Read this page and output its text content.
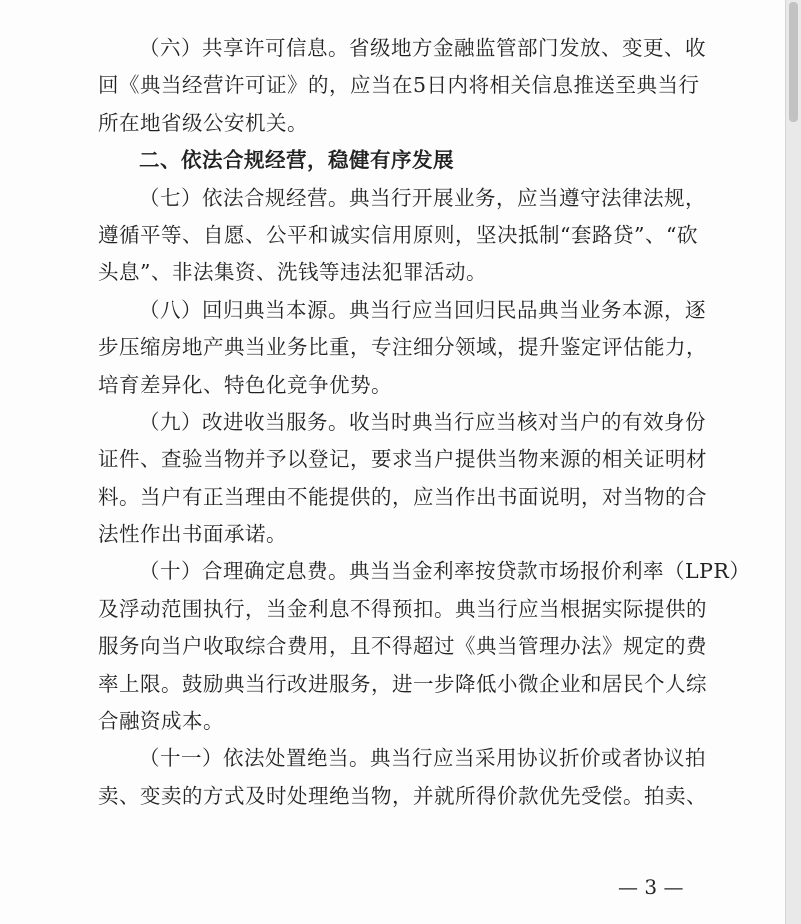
（六）共享许可信息。省级地方金融监管部门发放、变更、收
回《典当经营许可证》的，应当在5日内将相关信息推送至典当行
所在地省级公安机关。
二、依法合规经营，稳健有序发展
（七）依法合规经营。典当行开展业务，应当遵守法律法规，
遵循平等、自愿、公平和诚实信用原则，坚决抵制“套路贷”、“砍
头息”、非法集资、洗钱等违法犯罪活动。
（八）回归典当本源。典当行应当回归民品典当业务本源，逐
步压缩房地产典当业务比重，专注细分领域，提升鉴定评估能力，
培育差异化、特色化竞争优势。
（九）改进收当服务。收当时典当行应当核对当户的有效身份
证件、查验当物并予以登记，要求当户提供当物来源的相关证明材
料。当户有正当理由不能提供的，应当作出书面说明，对当物的合
法性作出书面承诺。
（十）合理确定息费。典当当金利率按贷款市场报价利率（LPR）
及浮动范围执行，当金利息不得预扣。典当行应当根据实际提供的
服务向当户收取综合费用，且不得超过《典当管理办法》规定的费
率上限。鼓励典当行改进服务，进一步降低小微企业和居民个人综
合融资成本。
（十一）依法处置绝当。典当行应当采用协议折价或者协议拍
卖、变卖的方式及时处理绝当物，并就所得价款优先受偿。拍卖、
— 3 —
